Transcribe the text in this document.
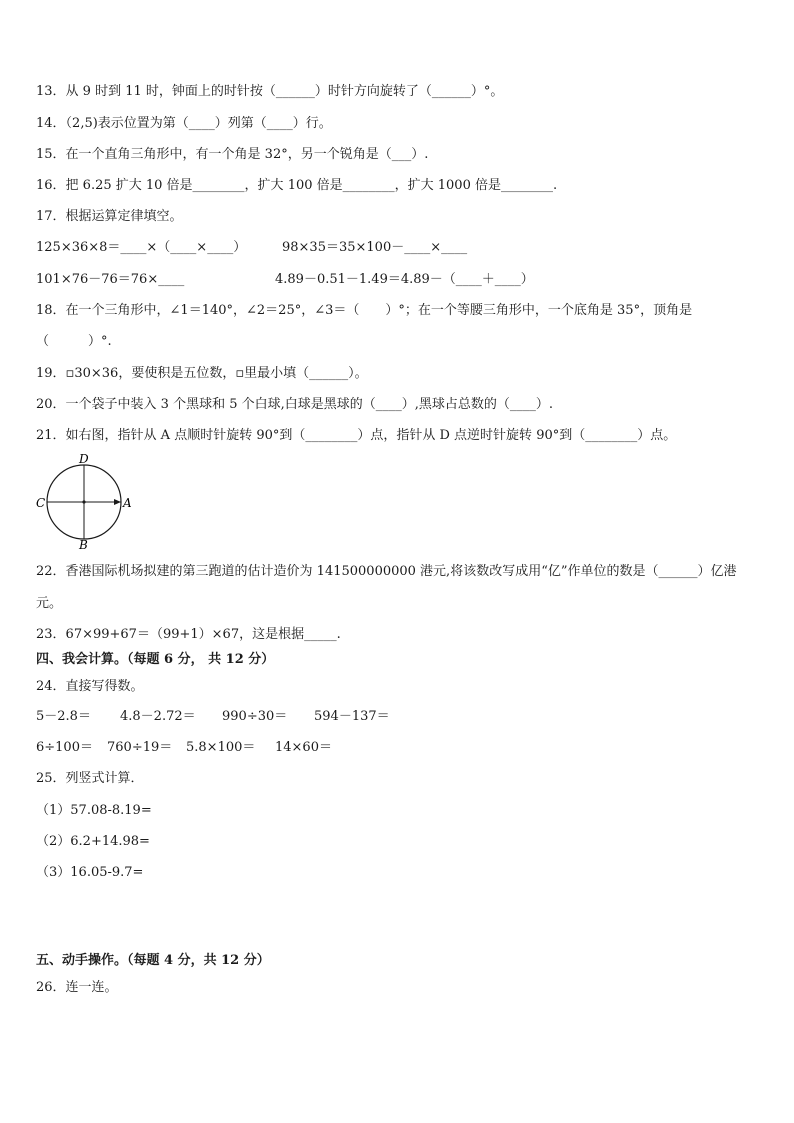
13．从 9 时到 11 时，钟面上的时针按（______）时针方向旋转了（______）°。
14．（2,5)表示位置为第（____）列第（____）行。
15．在一个直角三角形中，有一个角是 32°，另一个锐角是（___）.
16．把 6.25 扩大 10 倍是________，扩大 100 倍是________，扩大 1000 倍是________.
17．根据运算定律填空。
125×36×8＝____×（____×____）	98×35＝35×100－____×____
101×76－76＝76×____	4.89－0.51－1.49＝4.89－（____＋____）
18．在一个三角形中，∠1＝140°，∠2＝25°，∠3＝（　　）°；在一个等腰三角形中，一个底角是 35°，顶角是
（　　　）°.
19．▫30×36，要使积是五位数，▫里最小填（______）。
20．一个袋子中装入 3 个黑球和 5 个白球,白球是黑球的（____）,黑球占总数的（____）.
21．如右图，指针从 A 点顺时针旋转 90°到（________）点，指针从 D 点逆时针旋转 90°到（________）点。
D
C	A
B
22．香港国际机场拟建的第三跑道的估计造价为 141500000000 港元,将该数改写成用“亿”作单位的数是（______）亿港
元。
23．67×99+67＝（99+1）×67，这是根据_____.
四、我会计算。（每题 6 分， 共 12 分）
24．直接写得数。
5－2.8＝ 4.8－2.72＝ 990÷30＝ 594－137＝
6÷100＝ 760÷19＝ 5.8×100＝ 14×60＝
25．列竖式计算．
（1）57.08-8.19=
（2）6.2+14.98=
（3）16.05-9.7=
五、动手操作。（每题 4 分，共 12 分）
26．连一连。
